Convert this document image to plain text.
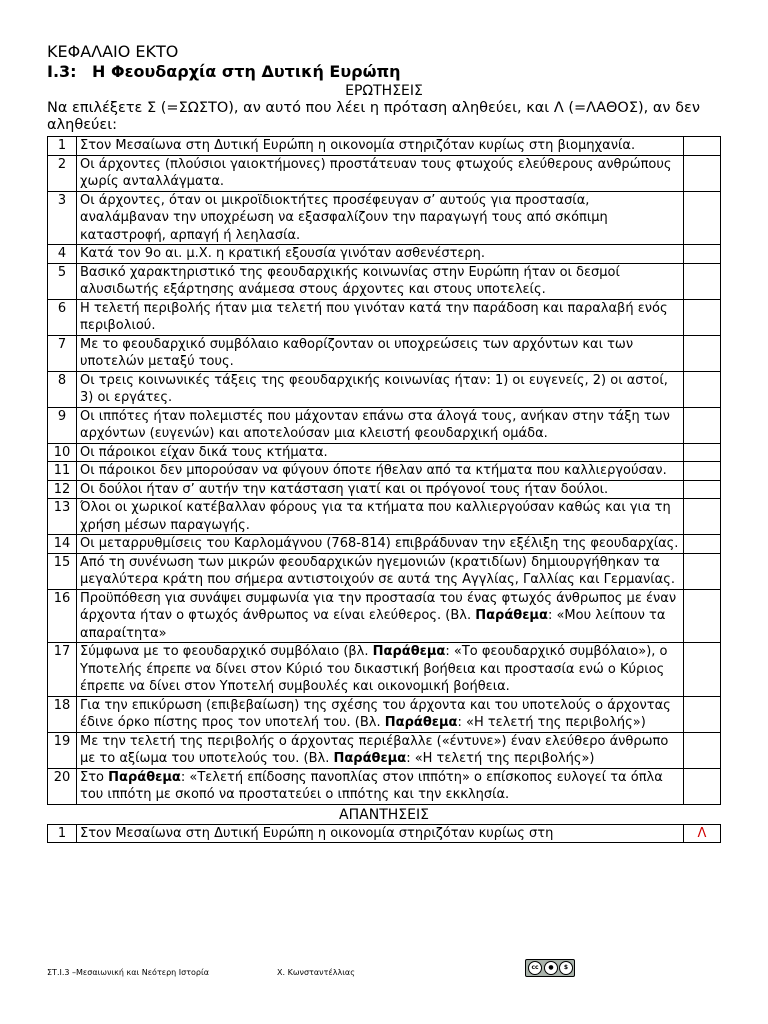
ΚΕΦΑΛΑΙΟ ΕΚΤΟ

Ι.3: Η Φεουδαρχία στη Δυτική Ευρώπη

ΕΡΩΤΗΣΕΙΣ

Να επιλέξετε Σ (=ΣΩΣΤΟ), αν αυτό που λέει η πρόταση αληθεύει, και Λ (=ΛΑΘΟΣ), αν δεν αληθεύει:

1	Στον Μεσαίωνα στη Δυτική Ευρώπη η οικονομία στηριζόταν κυρίως στη βιομηχανία.	
2	Οι άρχοντες (πλούσιοι γαιοκτήμονες) προστάτευαν τους φτωχούς ελεύθερους ανθρώπους χωρίς ανταλλάγματα.	
3	Οι άρχοντες, όταν οι μικροϊδιοκτήτες προσέφευγαν σ’ αυτούς για προστασία, αναλάμβαναν την υποχρέωση να εξασφαλίζουν την παραγωγή τους από σκόπιμη καταστροφή, αρπαγή ή λεηλασία.	
4	Κατά τον 9ο αι. μ.Χ. η κρατική εξουσία γινόταν ασθενέστερη.	
5	Βασικό χαρακτηριστικό της φεουδαρχικής κοινωνίας στην Ευρώπη ήταν οι δεσμοί αλυσιδωτής εξάρτησης ανάμεσα στους άρχοντες και στους υποτελείς.	
6	Η τελετή περιβολής ήταν μια τελετή που γινόταν κατά την παράδοση και παραλαβή ενός περιβολιού.	
7	Με το φεουδαρχικό συμβόλαιο καθορίζονταν οι υποχρεώσεις των αρχόντων και των υποτελών μεταξύ τους.	
8	Οι τρεις κοινωνικές τάξεις της φεουδαρχικής κοινωνίας ήταν: 1) οι ευγενείς, 2) οι αστοί, 3) οι εργάτες.	
9	Οι ιππότες ήταν πολεμιστές που μάχονταν επάνω στα άλογά τους, ανήκαν στην τάξη των αρχόντων (ευγενών) και αποτελούσαν μια κλειστή φεουδαρχική ομάδα.	
10	Οι πάροικοι είχαν δικά τους κτήματα.	
11	Οι πάροικοι δεν μπορούσαν να φύγουν όποτε ήθελαν από τα κτήματα που καλλιεργούσαν.	
12	Οι δούλοι ήταν σ’ αυτήν την κατάσταση γιατί και οι πρόγονοί τους ήταν δούλοι.	
13	Όλοι οι χωρικοί κατέβαλλαν φόρους για τα κτήματα που καλλιεργούσαν καθώς και για τη χρήση μέσων παραγωγής.	
14	Οι μεταρρυθμίσεις του Καρλομάγνου (768-814) επιβράδυναν την εξέλιξη της φεουδαρχίας.	
15	Από τη συνένωση των μικρών φεουδαρχικών ηγεμονιών (κρατιδίων) δημιουργήθηκαν τα μεγαλύτερα κράτη που σήμερα αντιστοιχούν σε αυτά της Αγγλίας, Γαλλίας και Γερμανίας.	
16	Προϋπόθεση για συνάψει συμφωνία για την προστασία του ένας φτωχός άνθρωπος με έναν άρχοντα ήταν ο φτωχός άνθρωπος να είναι ελεύθερος. (Βλ. Παράθεμα: «Μου λείπουν τα απαραίτητα»	
17	Σύμφωνα με το φεουδαρχικό συμβόλαιο (βλ. Παράθεμα: «Το φεουδαρχικό συμβόλαιο»), ο Υποτελής έπρεπε να δίνει στον Κύριό του δικαστική βοήθεια και προστασία ενώ ο Κύριος έπρεπε να δίνει στον Υποτελή συμβουλές και οικονομική βοήθεια.	
18	Για την επικύρωση (επιβεβαίωση) της σχέσης του άρχοντα και του υποτελούς ο άρχοντας έδινε όρκο πίστης προς τον υποτελή του. (Βλ. Παράθεμα: «Η τελετή της περιβολής»)	
19	Με την τελετή της περιβολής ο άρχοντας περιέβαλλε («έντυνε») έναν ελεύθερο άνθρωπο με το αξίωμα του υποτελούς του. (Βλ. Παράθεμα: «Η τελετή της περιβολής»)	
20	Στο Παράθεμα: «Τελετή επίδοσης πανοπλίας στον ιππότη» ο επίσκοπος ευλογεί τα όπλα του ιππότη με σκοπό να προστατεύει ο ιππότης και την εκκλησία.	

ΑΠΑΝΤΗΣΕΙΣ

1	Στον Μεσαίωνα στη Δυτική Ευρώπη η οικονομία στηριζόταν κυρίως στη	Λ
ΣΤ.Ι.3 –Μεσαιωνική και Νεότερη Ιστορία	Χ. Κωνσταντέλλιας
cc	●	$
